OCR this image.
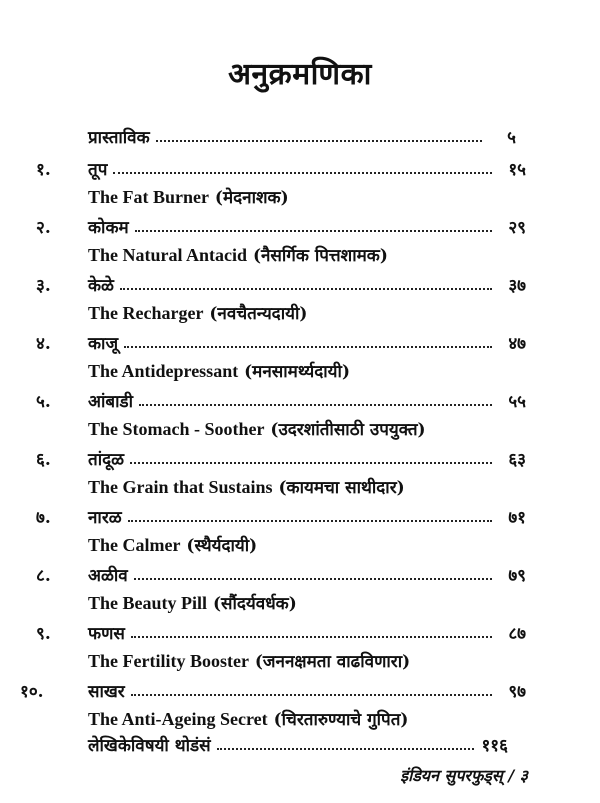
अनुक्रमणिका
प्रास्ताविक	५
१.	तूप	१५
The Fat Burner
(मेदनाशक)
२.	कोकम	२९
The Natural Antacid
(नैसर्गिक पित्तशामक)
३.	केळे	३७
The Recharger
(नवचैतन्यदायी)
४.	काजू	४७
The Antidepressant
(मनसामर्थ्यदायी)
५.	आंबाडी	५५
The Stomach - Soother
(उदरशांतीसाठी उपयुक्त)
६.	तांदूळ	६३
The Grain that Sustains
(कायमचा साथीदार)
७.	नारळ	७१
The Calmer
(स्थैर्यदायी)
८.	अळीव	७९
The Beauty Pill
(सौंदर्यवर्धक)
९.	फणस	८७
The Fertility Booster
(जननक्षमता वाढविणारा)
१०.	साखर	९७
The Anti-Ageing Secret
(चिरतारुण्याचे गुपित)
लेखिकेविषयी थोडंसं	११६
इंडियन सुपरफुड्स् / ३
